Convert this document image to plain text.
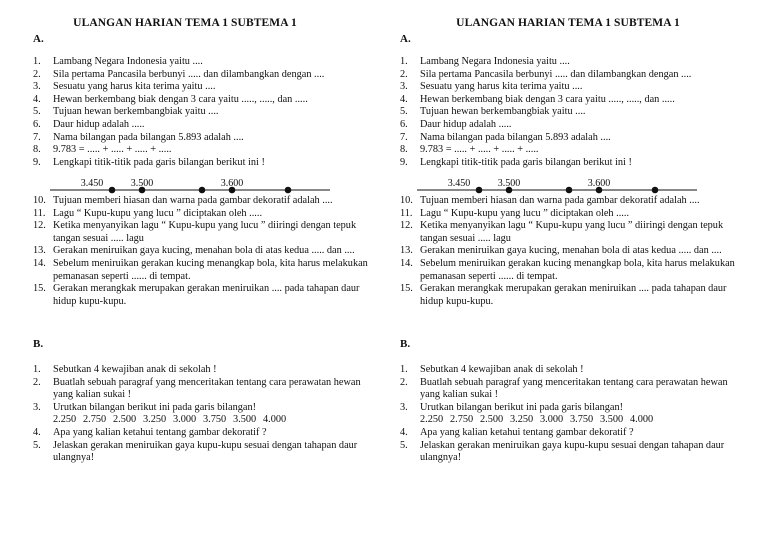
ULANGAN HARIAN TEMA 1 SUBTEMA 1
A.
1.	Lambang Negara Indonesia yaitu ....
2.	Sila pertama Pancasila berbunyi ..... dan dilambangkan dengan ....
3.	Sesuatu yang harus kita terima yaitu ....
4.	Hewan berkembang biak dengan 3 cara yaitu ....., ....., dan .....
5.	Tujuan hewan berkembangbiak yaitu ....
6.	Daur hidup adalah .....
7.	Nama bilangan pada bilangan 5.893 adalah ....
8.	9.783 = ..... + ..... + ..... + .....
9.	Lengkapi titik-titik pada garis bilangan berikut ini !
3.450	3.500	3.600
10. Tujuan memberi hiasan dan warna pada gambar dekoratif adalah ....
11. Lagu “ Kupu-kupu yang lucu ” diciptakan oleh .....
12. Ketika menyanyikan lagu “ Kupu-kupu yang lucu ” diiringi dengan tepuk tangan sesuai ..... lagu
13. Gerakan meniruikan gaya kucing, menahan bola di atas kedua ..... dan ....
14. Sebelum meniruikan gerakan kucing menangkap bola, kita harus melakukan pemanasan seperti ...... di tempat.
15. Gerakan merangkak merupakan gerakan meniruikan .... pada tahapan daur hidup kupu-kupu.
B.
1.	Sebutkan 4 kewajiban anak di sekolah !
2.	Buatlah sebuah paragraf yang menceritakan tentang cara perawatan hewan yang kalian sukai !
3.	Urutkan bilangan berikut ini pada garis bilangan!
2.250 2.750 2.500 3.250 3.000 3.750 3.500 4.000
4.	Apa yang kalian ketahui tentang gambar dekoratif ?
5.	Jelaskan gerakan meniruikan gaya kupu-kupu sesuai dengan tahapan daur ulangnya!
ULANGAN HARIAN TEMA 1 SUBTEMA 1
A.
1.	Lambang Negara Indonesia yaitu ....
2.	Sila pertama Pancasila berbunyi ..... dan dilambangkan dengan ....
3.	Sesuatu yang harus kita terima yaitu ....
4.	Hewan berkembang biak dengan 3 cara yaitu ....., ....., dan .....
5.	Tujuan hewan berkembangbiak yaitu ....
6.	Daur hidup adalah .....
7.	Nama bilangan pada bilangan 5.893 adalah ....
8.	9.783 = ..... + ..... + ..... + .....
9.	Lengkapi titik-titik pada garis bilangan berikut ini !
3.450	3.500	3.600
10. Tujuan memberi hiasan dan warna pada gambar dekoratif adalah ....
11. Lagu “ Kupu-kupu yang lucu ” diciptakan oleh .....
12. Ketika menyanyikan lagu “ Kupu-kupu yang lucu ” diiringi dengan tepuk tangan sesuai ..... lagu
13. Gerakan meniruikan gaya kucing, menahan bola di atas kedua ..... dan ....
14. Sebelum meniruikan gerakan kucing menangkap bola, kita harus melakukan pemanasan seperti ...... di tempat.
15. Gerakan merangkak merupakan gerakan meniruikan .... pada tahapan daur hidup kupu-kupu.
B.
1.	Sebutkan 4 kewajiban anak di sekolah !
2.	Buatlah sebuah paragraf yang menceritakan tentang cara perawatan hewan yang kalian sukai !
3.	Urutkan bilangan berikut ini pada garis bilangan!
2.250 2.750 2.500 3.250 3.000 3.750 3.500 4.000
4.	Apa yang kalian ketahui tentang gambar dekoratif ?
5.	Jelaskan gerakan meniruikan gaya kupu-kupu sesuai dengan tahapan daur ulangnya!
